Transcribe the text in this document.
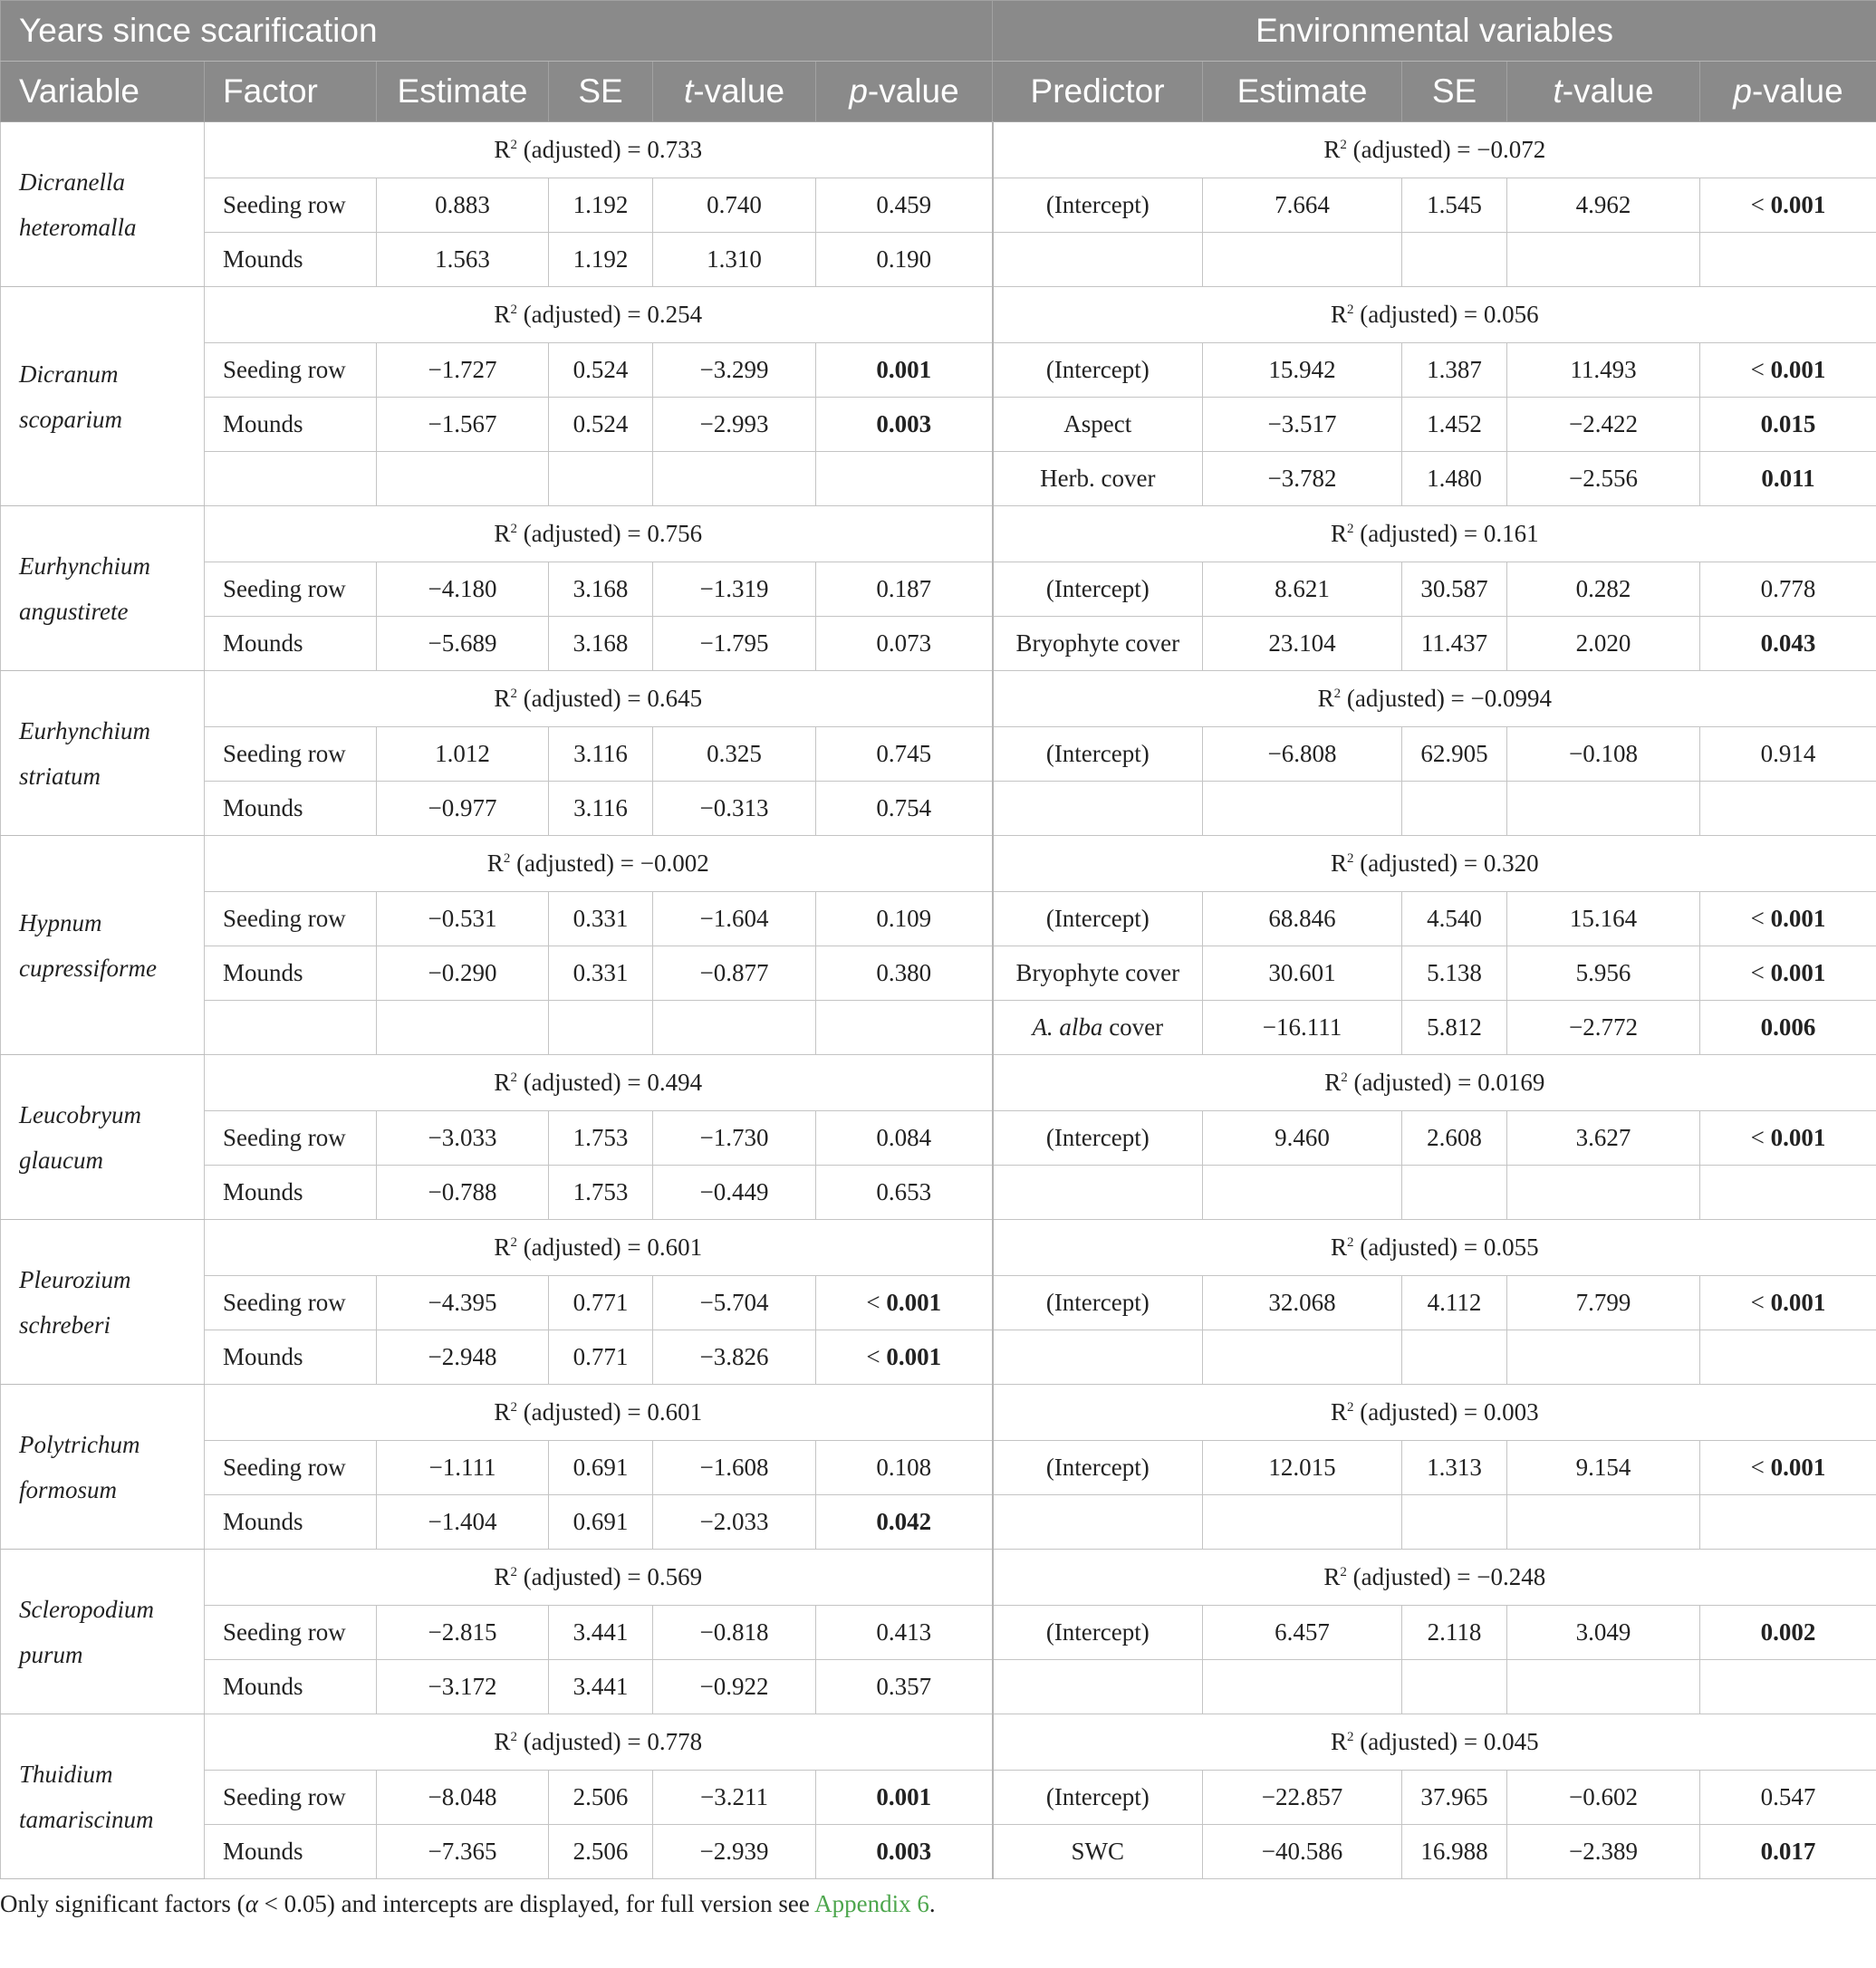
Years since scarification						Environmental variables				
Variable	Factor	Estimate	SE	t-value	p-value	Predictor	Estimate	SE	t-value	p-value
Dicranella heteromalla	$R^2$ (adjusted) = 0.733					$R^2$ (adjusted) = −0.072				
	Seeding row	0.883	1.192	0.740	0.459	(Intercept)	7.664	1.545	4.962	< 0.001
	Mounds	1.563	1.192	1.310	0.190					
Dicranum scoparium	$R^2$ (adjusted) = 0.254					$R^2$ (adjusted) = 0.056				
	Seeding row	−1.727	0.524	−3.299	0.001	(Intercept)	15.942	1.387	11.493	< 0.001
	Mounds	−1.567	0.524	−2.993	0.003	Aspect	−3.517	1.452	−2.422	0.015
						Herb. cover	−3.782	1.480	−2.556	0.011
Eurhynchium angustirete	$R^2$ (adjusted) = 0.756					$R^2$ (adjusted) = 0.161				
	Seeding row	−4.180	3.168	−1.319	0.187	(Intercept)	8.621	30.587	0.282	0.778
	Mounds	−5.689	3.168	−1.795	0.073	Bryophyte cover	23.104	11.437	2.020	0.043
Eurhynchium striatum	$R^2$ (adjusted) = 0.645					$R^2$ (adjusted) = −0.0994				
	Seeding row	1.012	3.116	0.325	0.745	(Intercept)	−6.808	62.905	−0.108	0.914
	Mounds	−0.977	3.116	−0.313	0.754					
Hypnum cupressiforme	$R^2$ (adjusted) = −0.002					$R^2$ (adjusted) = 0.320				
	Seeding row	−0.531	0.331	−1.604	0.109	(Intercept)	68.846	4.540	15.164	< 0.001
	Mounds	−0.290	0.331	−0.877	0.380	Bryophyte cover	30.601	5.138	5.956	< 0.001
						A. alba cover	−16.111	5.812	−2.772	0.006
Leucobryum glaucum	$R^2$ (adjusted) = 0.494					$R^2$ (adjusted) = 0.0169				
	Seeding row	−3.033	1.753	−1.730	0.084	(Intercept)	9.460	2.608	3.627	< 0.001
	Mounds	−0.788	1.753	−0.449	0.653					
Pleurozium schreberi	$R^2$ (adjusted) = 0.601					$R^2$ (adjusted) = 0.055				
	Seeding row	−4.395	0.771	−5.704	< 0.001	(Intercept)	32.068	4.112	7.799	< 0.001
	Mounds	−2.948	0.771	−3.826	< 0.001					
Polytrichum formosum	$R^2$ (adjusted) = 0.601					$R^2$ (adjusted) = 0.003				
	Seeding row	−1.111	0.691	−1.608	0.108	(Intercept)	12.015	1.313	9.154	< 0.001
	Mounds	−1.404	0.691	−2.033	0.042					
Scleropodium purum	$R^2$ (adjusted) = 0.569					$R^2$ (adjusted) = −0.248				
	Seeding row	−2.815	3.441	−0.818	0.413	(Intercept)	6.457	2.118	3.049	0.002
	Mounds	−3.172	3.441	−0.922	0.357					
Thuidium tamariscinum	$R^2$ (adjusted) = 0.778					$R^2$ (adjusted) = 0.045				
	Seeding row	−8.048	2.506	−3.211	0.001	(Intercept)	−22.857	37.965	−0.602	0.547
	Mounds	−7.365	2.506	−2.939	0.003	SWC	−40.586	16.988	−2.389	0.017
Only significant factors (α < 0.05) and intercepts are displayed, for full version see Appendix 6.
